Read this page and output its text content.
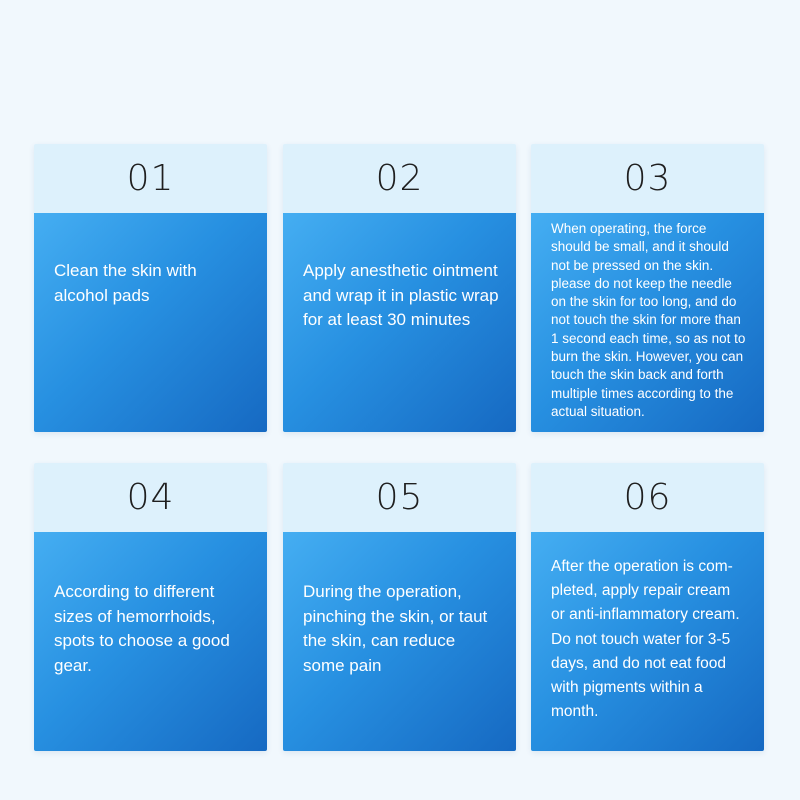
01

Clean the skin with alcohol pads

02

Apply anesthetic ointment and wrap it in plastic wrap for at least 30 minutes

03

When operating, the force should be small, and it should not be pressed on the skin.
please do not keep the needle on the skin for too long, and do not touch the skin for more than 1 second each time, so as not to burn the skin. However, you can touch the skin back and forth multiple times according to the actual situation.

04

According to different sizes of hemorrhoids, spots to choose a good gear.

05

During the operation, pinching the skin, or taut the skin, can reduce some pain

06

After the operation is com-pleted, apply repair cream or anti-inflammatory cream. Do not touch water for 3-5 days, and do not eat food with pigments within a month.
